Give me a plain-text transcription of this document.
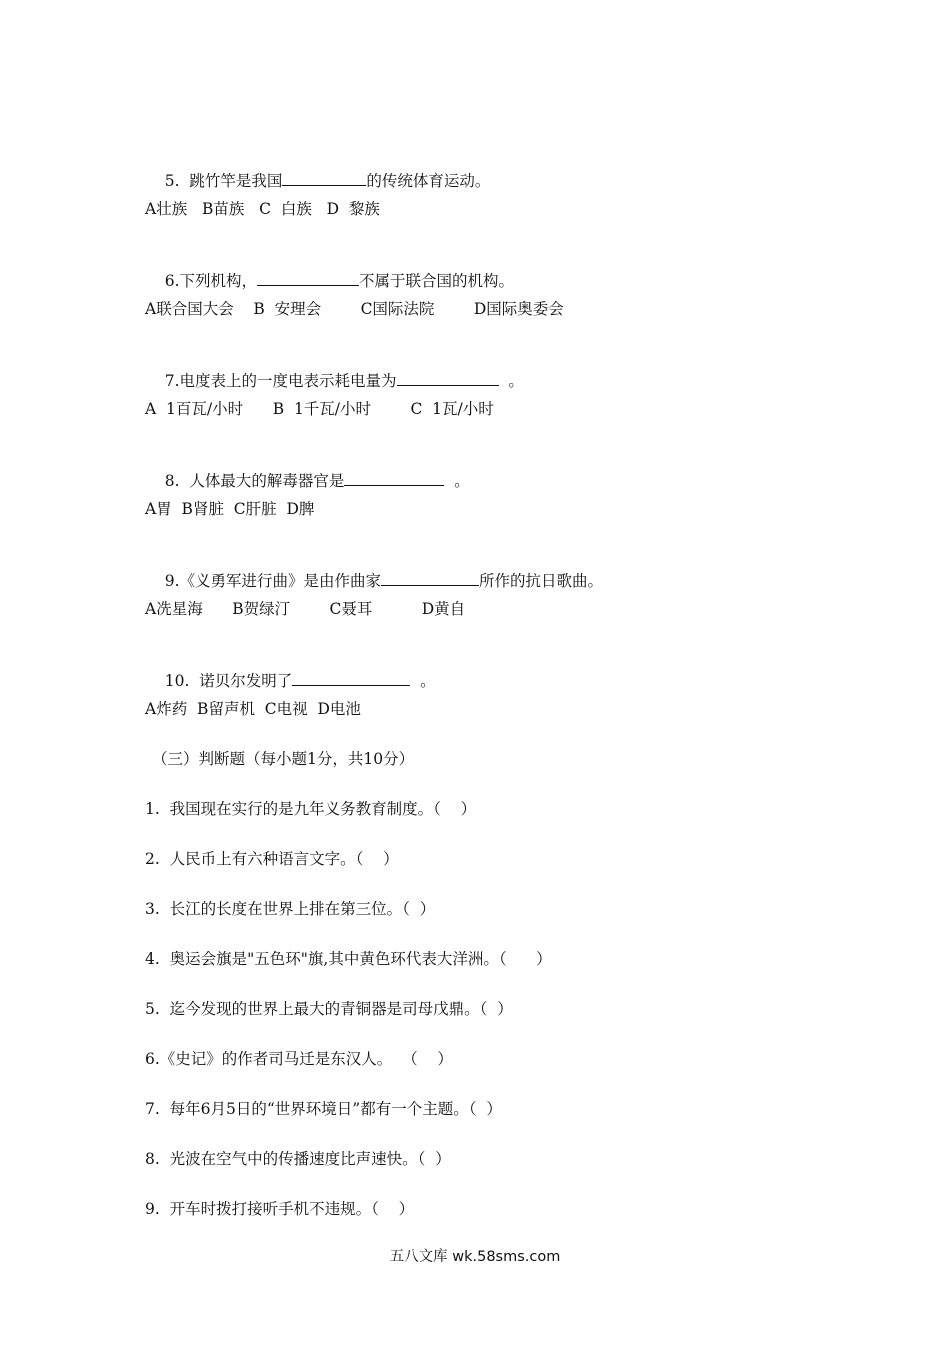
5.  跳竹竿是我国	的传统体育运动。

A壮族   B苗族   C  白族   D  黎族

6.下列机构，	不属于联合国的机构。

A联合国大会    B  安理会        C国际法院        D国际奥委会

7.电度表上的一度电表示耗电量为	。

A  1百瓦/小时      B  1千瓦/小时        C  1瓦/小时

8.  人体最大的解毒器官是	。

A胃  B肾脏  C肝脏  D脾

9.《义勇军进行曲》是由作曲家	所作的抗日歌曲。

A冼星海      B贺绿汀        C聂耳          D黄自

10.  诺贝尔发明了	。

A炸药  B留声机  C电视  D电池
（三）判断题（每小题1分，共10分）
1.  我国现在实行的是九年义务教育制度。（    ）
2.  人民币上有六种语言文字。（    ）
3.  长江的长度在世界上排在第三位。（  ）
4.  奥运会旗是"五色环"旗,其中黄色环代表大洋洲。（      ）
5.  迄今发现的世界上最大的青铜器是司母戊鼎。（  ）
6.《史记》的作者司马迁是东汉人。  （    ）
7.  每年6月5日的“世界环境日”都有一个主题。（  ）
8.  光波在空气中的传播速度比声速快。（  ）
9.  开车时拨打接听手机不违规。（    ）
五八文库 wk.58sms.com
